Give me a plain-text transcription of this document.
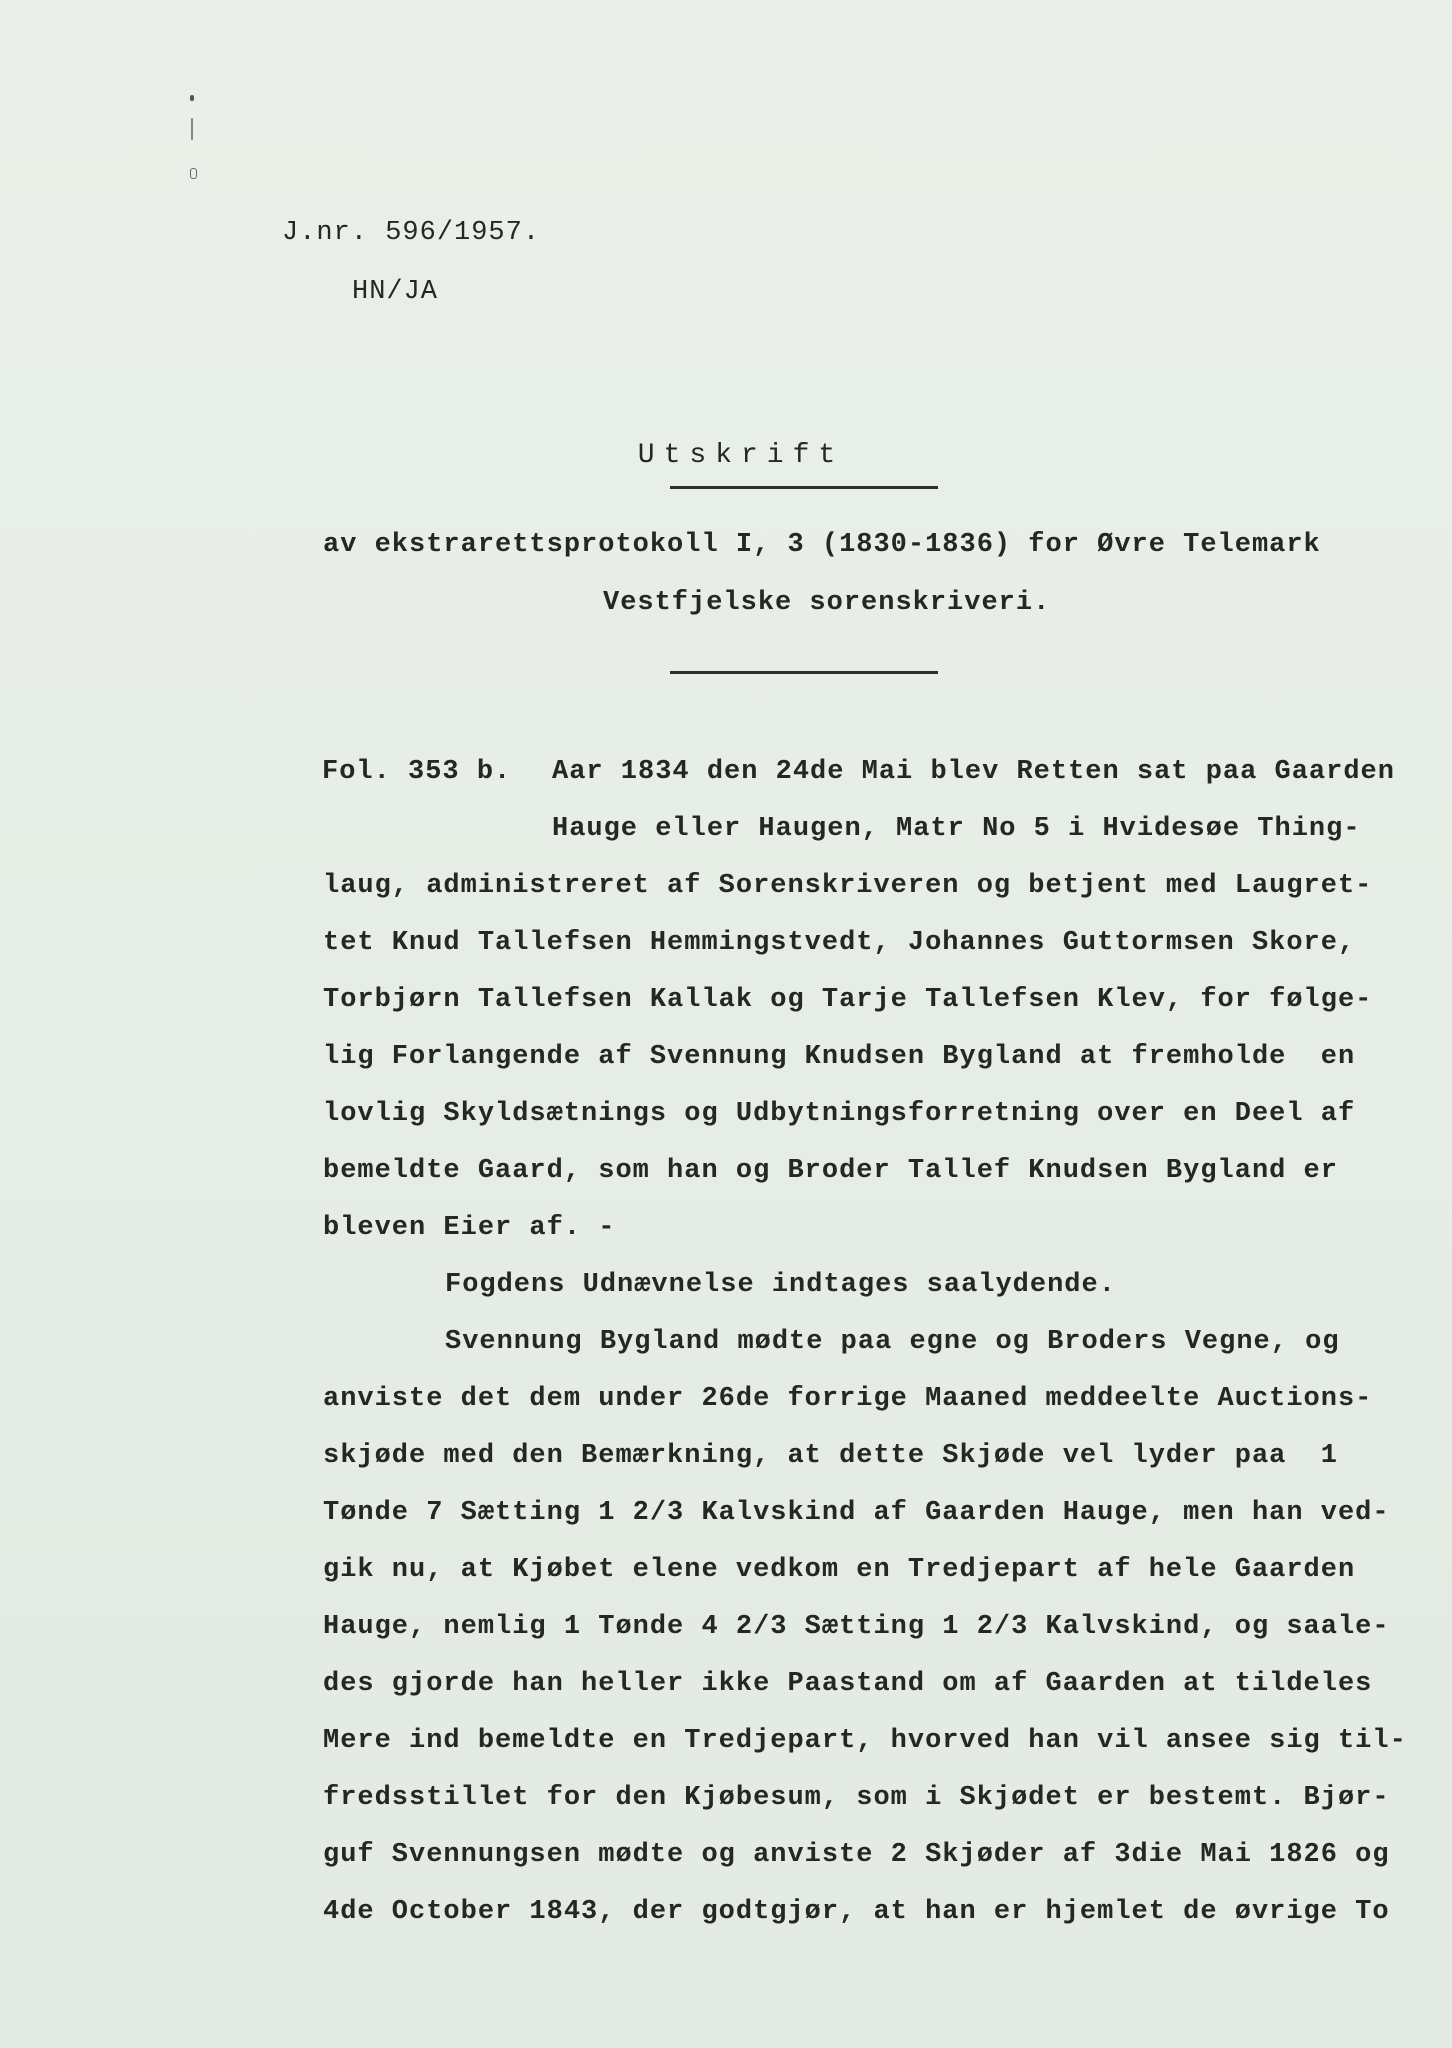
J.nr. 596/1957.
HN/JA
Utskrift
av ekstrarettsprotokoll I, 3 (1830-1836) for Øvre Telemark
Vestfjelske sorenskriveri.
Fol. 353 b. Aar 1834 den 24de Mai blev Retten sat paa Gaarden
Hauge eller Haugen, Matr No 5 i Hvidesøe Thing-
laug, administreret af Sorenskriveren og betjent med Laugret-
tet Knud Tallefsen Hemmingstvedt, Johannes Guttormsen Skore,
Torbjørn Tallefsen Kallak og Tarje Tallefsen Klev, for følge-
lig Forlangende af Svennung Knudsen Bygland at fremholde  en
lovlig Skyldsætnings og Udbytningsforretning over en Deel af
bemeldte Gaard, som han og Broder Tallef Knudsen Bygland er
bleven Eier af. -
Fogdens Udnævnelse indtages saalydende.
Svennung Bygland mødte paa egne og Broders Vegne, og
anviste det dem under 26de forrige Maaned meddeelte Auctions-
skjøde med den Bemærkning, at dette Skjøde vel lyder paa  1
Tønde 7 Sætting 1 2/3 Kalvskind af Gaarden Hauge, men han ved-
gik nu, at Kjøbet elene vedkom en Tredjepart af hele Gaarden
Hauge, nemlig 1 Tønde 4 2/3 Sætting 1 2/3 Kalvskind, og saale-
des gjorde han heller ikke Paastand om af Gaarden at tildeles
Mere ind bemeldte en Tredjepart, hvorved han vil ansee sig til-
fredsstillet for den Kjøbesum, som i Skjødet er bestemt. Bjør-
guf Svennungsen mødte og anviste 2 Skjøder af 3die Mai 1826 og
4de October 1843, der godtgjør, at han er hjemlet de øvrige To
